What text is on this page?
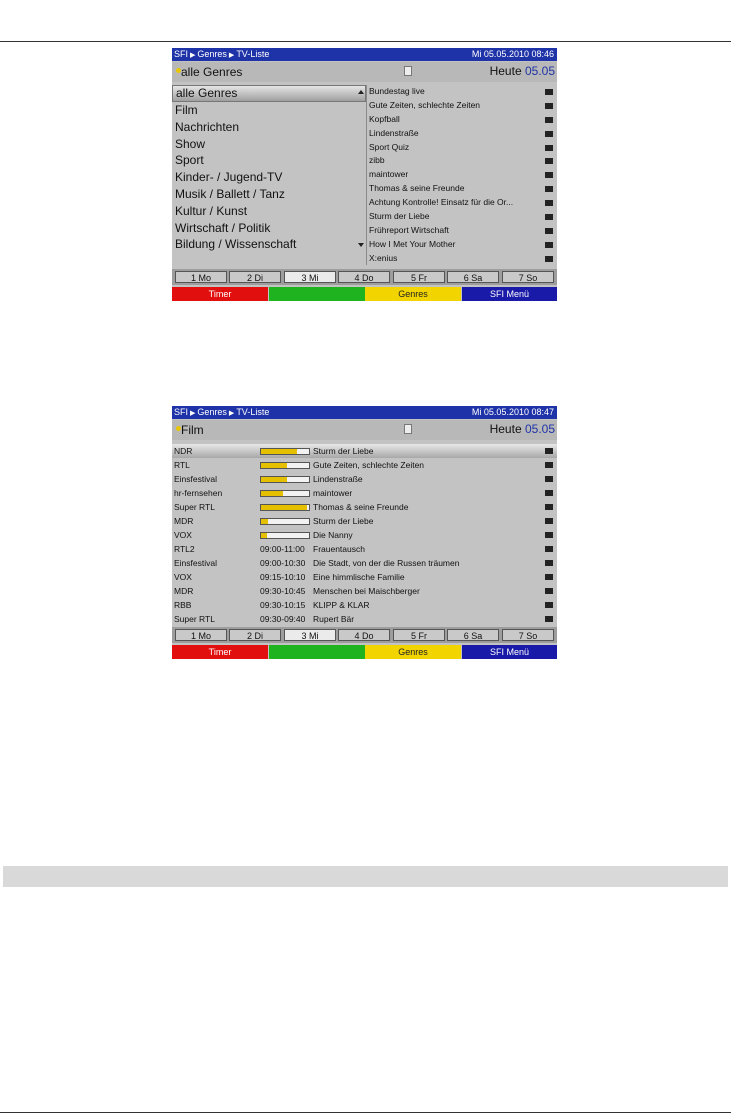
SFI ▶ Genres ▶ TV-Liste	Mi 05.05.2010 08:46
alle Genres	Heute 05.05
alle Genres
Film
Nachrichten
Show
Sport
Kinder- / Jugend-TV
Musik / Ballett / Tanz
Kultur / Kunst
Wirtschaft / Politik
Bildung / Wissenschaft
Bundestag live
Gute Zeiten, schlechte Zeiten
Kopfball
Lindenstraße
Sport Quiz
zibb
maintower
Thomas & seine Freunde
Achtung Kontrolle! Einsatz für die Or...
Sturm der Liebe
Frühreport Wirtschaft
How I Met Your Mother
X:enius
1 Mo	2 Di	3 Mi	4 Do	5 Fr	6 Sa	7 So
Timer	Genres	SFI Menü
SFI ▶ Genres ▶ TV-Liste	Mi 05.05.2010 08:47
Film	Heute 05.05
NDR	Sturm der Liebe
RTL	Gute Zeiten, schlechte Zeiten
Einsfestival	Lindenstraße
hr-fernsehen	maintower
Super RTL	Thomas & seine Freunde
MDR	Sturm der Liebe
VOX	Die Nanny
RTL2	09:00-11:00 Frauentausch
Einsfestival	09:00-10:30 Die Stadt, von der die Russen träumen
VOX	09:15-10:10 Eine himmlische Familie
MDR	09:30-10:45 Menschen bei Maischberger
RBB	09:30-10:15 KLIPP & KLAR
Super RTL	09:30-09:40 Rupert Bär
1 Mo	2 Di	3 Mi	4 Do	5 Fr	6 Sa	7 So
Timer	Genres	SFI Menü
